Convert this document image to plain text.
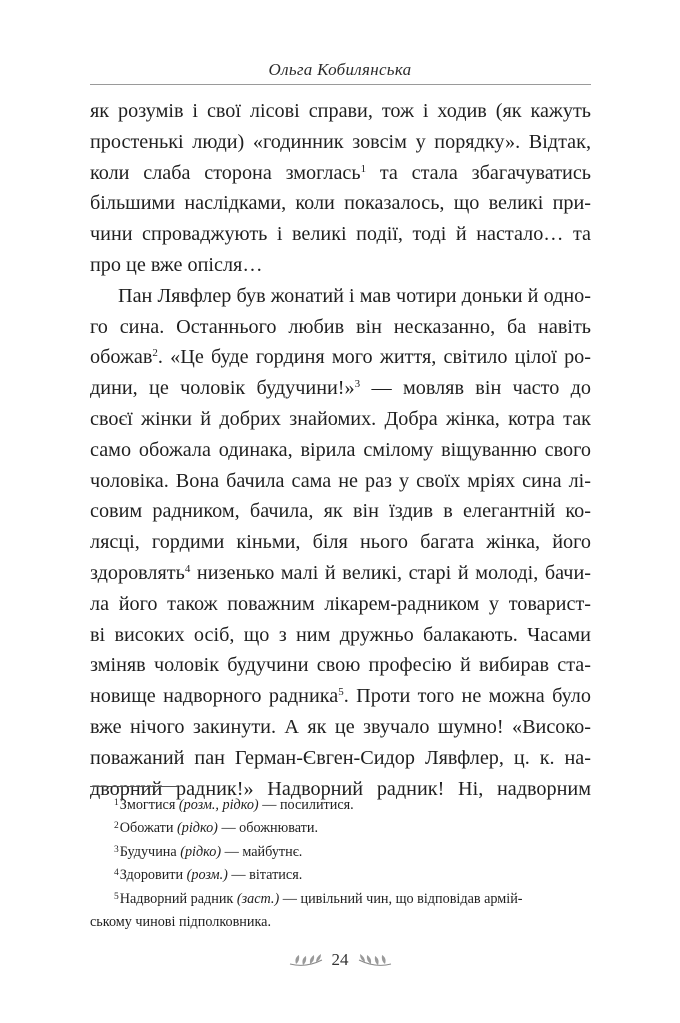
Ольга Кобилянська
як розумів і свої лісові справи, тож і ходив (як кажуть
простенькі люди) «годинник зовсім у порядку». Відтак,
коли слаба сторона змоглась$^1$ та стала збагачуватись
більшими наслідками, коли показалось, що великі при-
чини спроваджують і великі події, тоді й настало… та
про це вже опісля…
Пан Лявфлер був жонатий і мав чотири доньки й одно-
го сина. Останнього любив він несказанно, ба навіть
обожав$^2$. «Це буде гординя мого життя, світило цілої ро-
дини, це чоловік будучини!»$^3$ — мовляв він часто до
своєї жінки й добрих знайомих. Добра жінка, котра так
само обожала одинака, вірила смілому віщуванню свого
чоловіка. Вона бачила сама не раз у своїх мріях сина лі-
совим радником, бачила, як він їздив в елегантній ко-
лясці, гордими кіньми, біля нього багата жінка, його
здоровлять$^4$ низенько малі й великі, старі й молоді, бачи-
ла його також поважним лікарем-радником у товарист-
ві високих осіб, що з ним дружньо балакають. Часами
зміняв чоловік будучини свою професію й вибирав ста-
новище надворного радника$^5$. Проти того не можна було
вже нічого закинути. А як це звучало шумно! «Високо-
поважаний пан Герман-Євген-Сидор Лявфлер, ц. к. на-
дворний радник!» Надворний радник! Ні, надворним
$^1$Змогтися (розм., рідко) — посилитися.
$^2$Обожати (рідко) — обожнювати.
$^3$Будучина (рідко) — майбутнє.
$^4$Здоровити (розм.) — вітатися.
$^5$Надворний радник (заст.) — цивільний чин, що відповідав армій-
ському чинові підполковника.
24
